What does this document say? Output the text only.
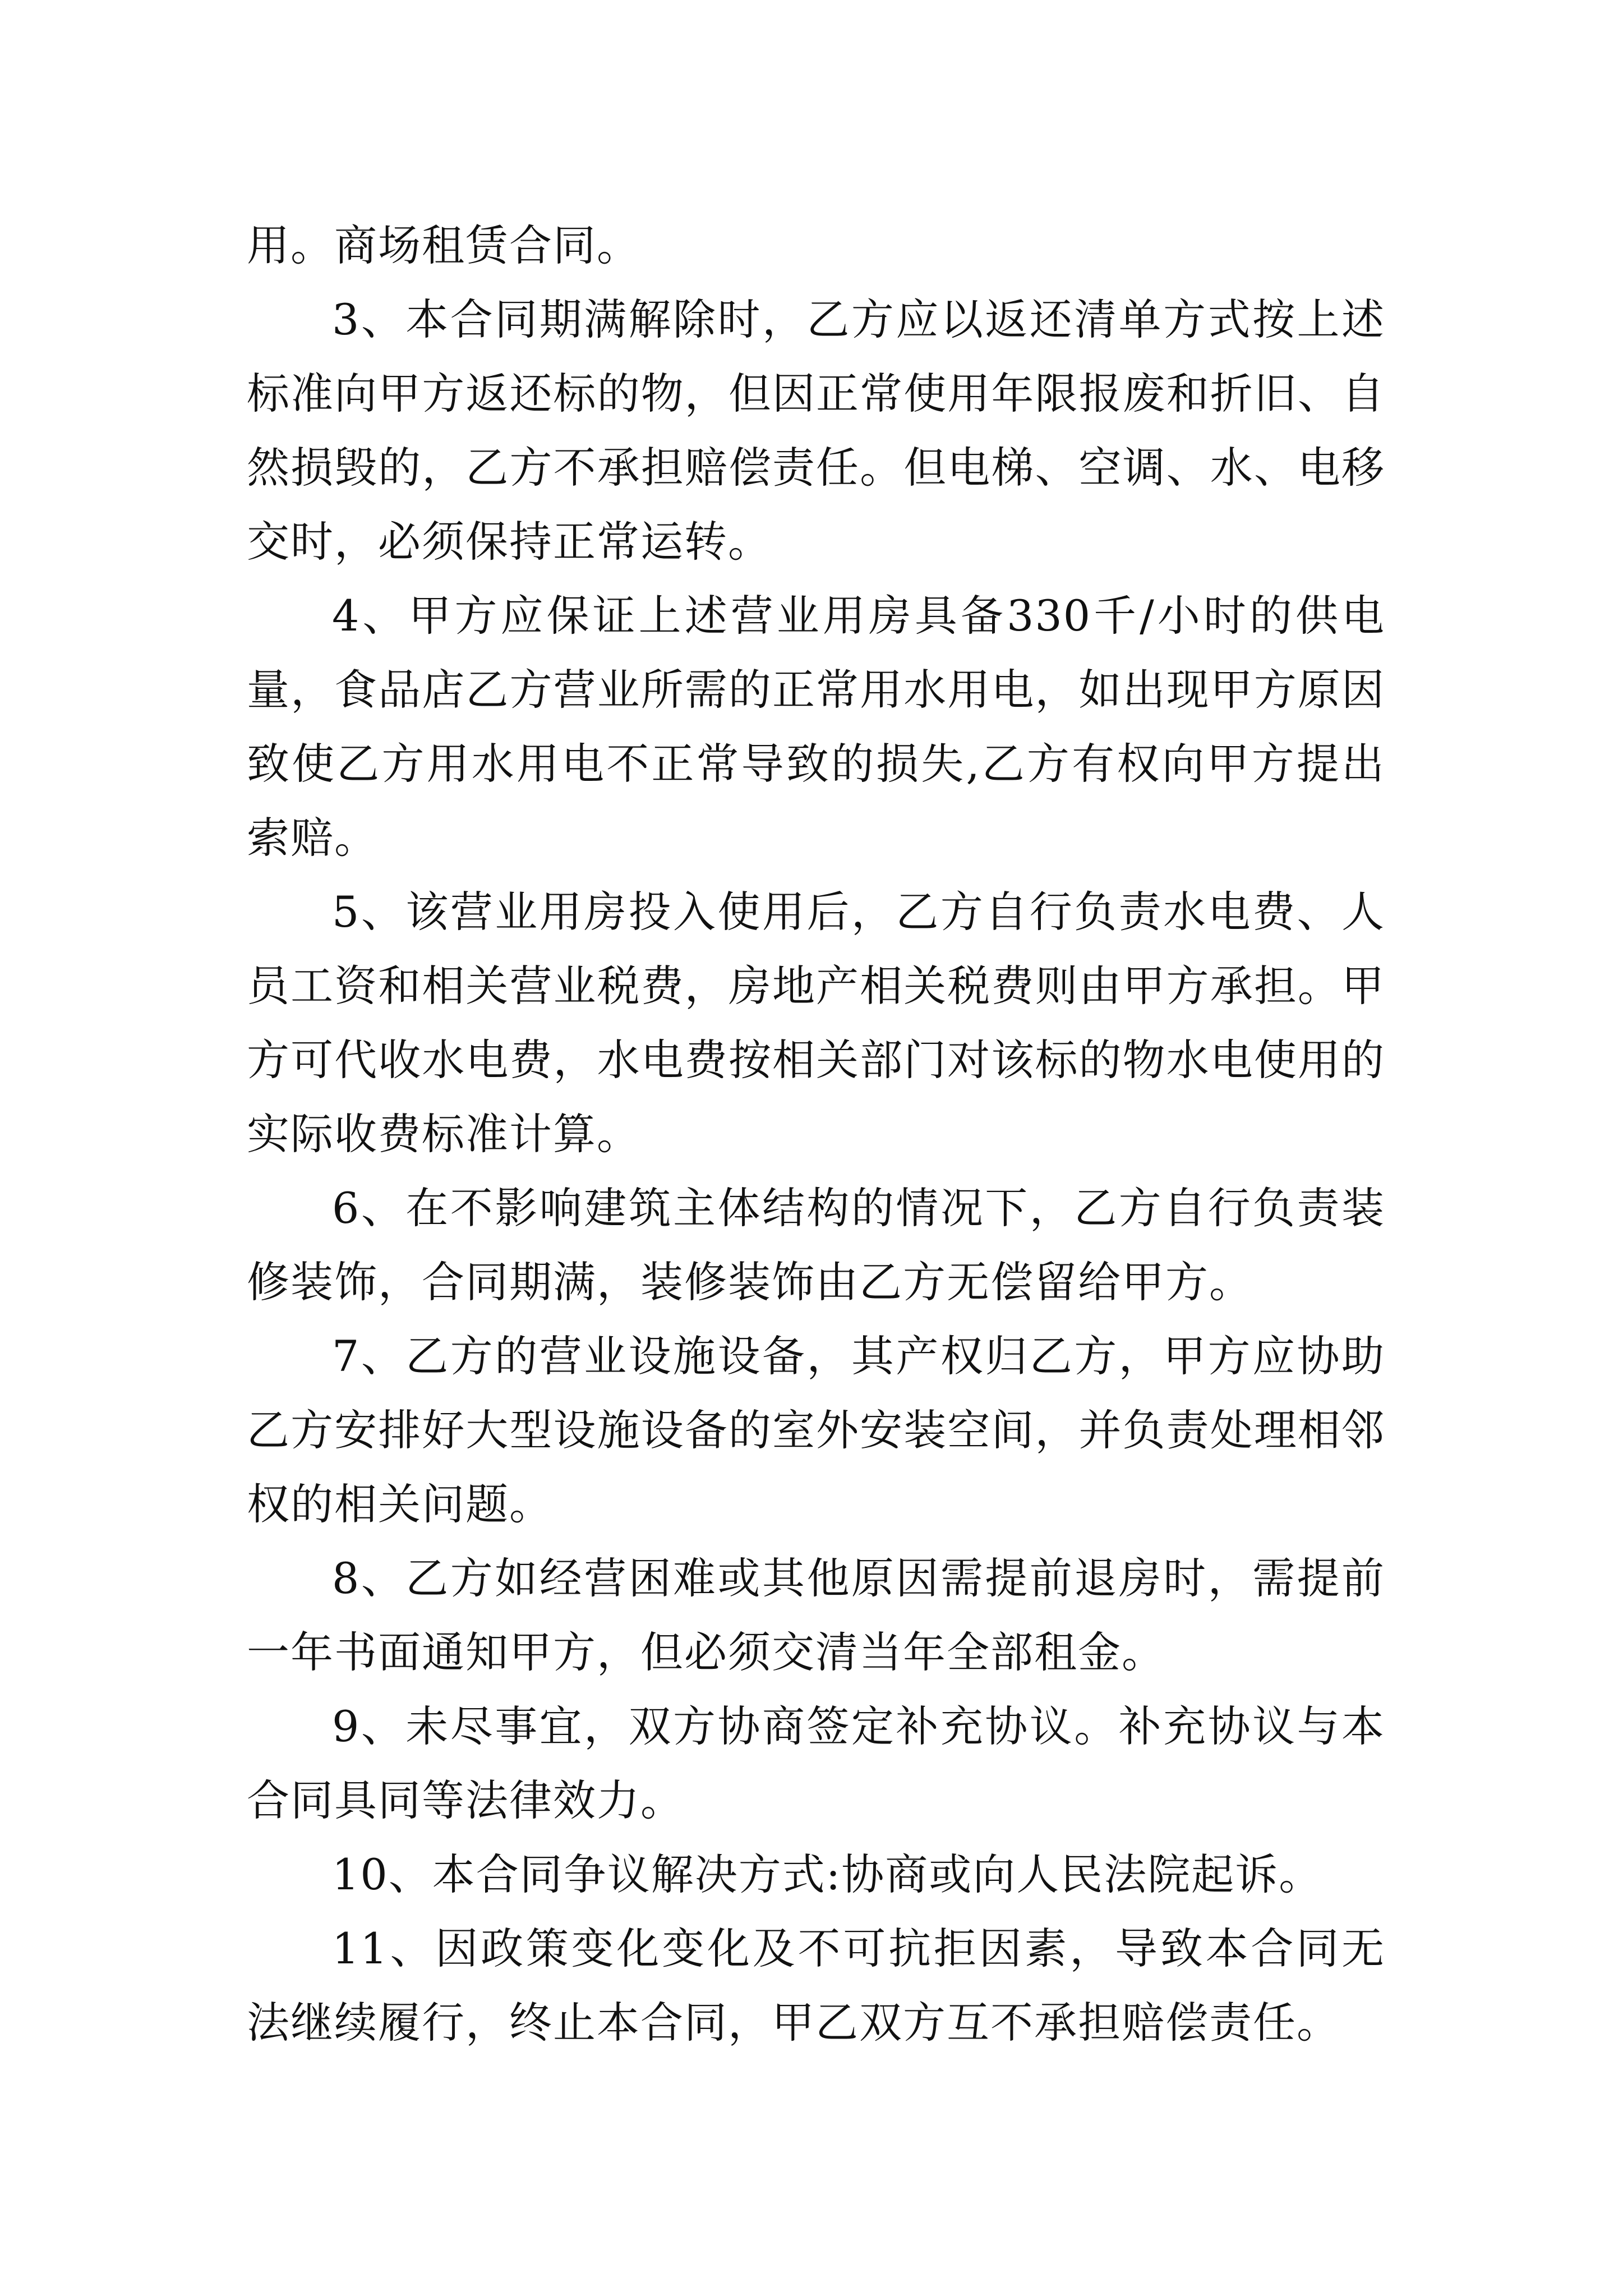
用。商场租赁合同。

3、本合同期满解除时，乙方应以返还清单方式按上述标准向甲方返还标的物，但因正常使用年限报废和折旧、自然损毁的，乙方不承担赔偿责任。但电梯、空调、水、电移交时，必须保持正常运转。

4、甲方应保证上述营业用房具备330千/小时的供电量，食品店乙方营业所需的正常用水用电，如出现甲方原因致使乙方用水用电不正常导致的损失,乙方有权向甲方提出索赔。

5、该营业用房投入使用后，乙方自行负责水电费、人员工资和相关营业税费，房地产相关税费则由甲方承担。甲方可代收水电费，水电费按相关部门对该标的物水电使用的实际收费标准计算。

6、在不影响建筑主体结构的情况下，乙方自行负责装修装饰，合同期满，装修装饰由乙方无偿留给甲方。

7、乙方的营业设施设备，其产权归乙方，甲方应协助乙方安排好大型设施设备的室外安装空间，并负责处理相邻权的相关问题。

8、乙方如经营困难或其他原因需提前退房时，需提前一年书面通知甲方，但必须交清当年全部租金。

9、未尽事宜，双方协商签定补充协议。补充协议与本合同具同等法律效力。

10、本合同争议解决方式:协商或向人民法院起诉。

11、因政策变化变化及不可抗拒因素，导致本合同无法继续履行，终止本合同，甲乙双方互不承担赔偿责任。
